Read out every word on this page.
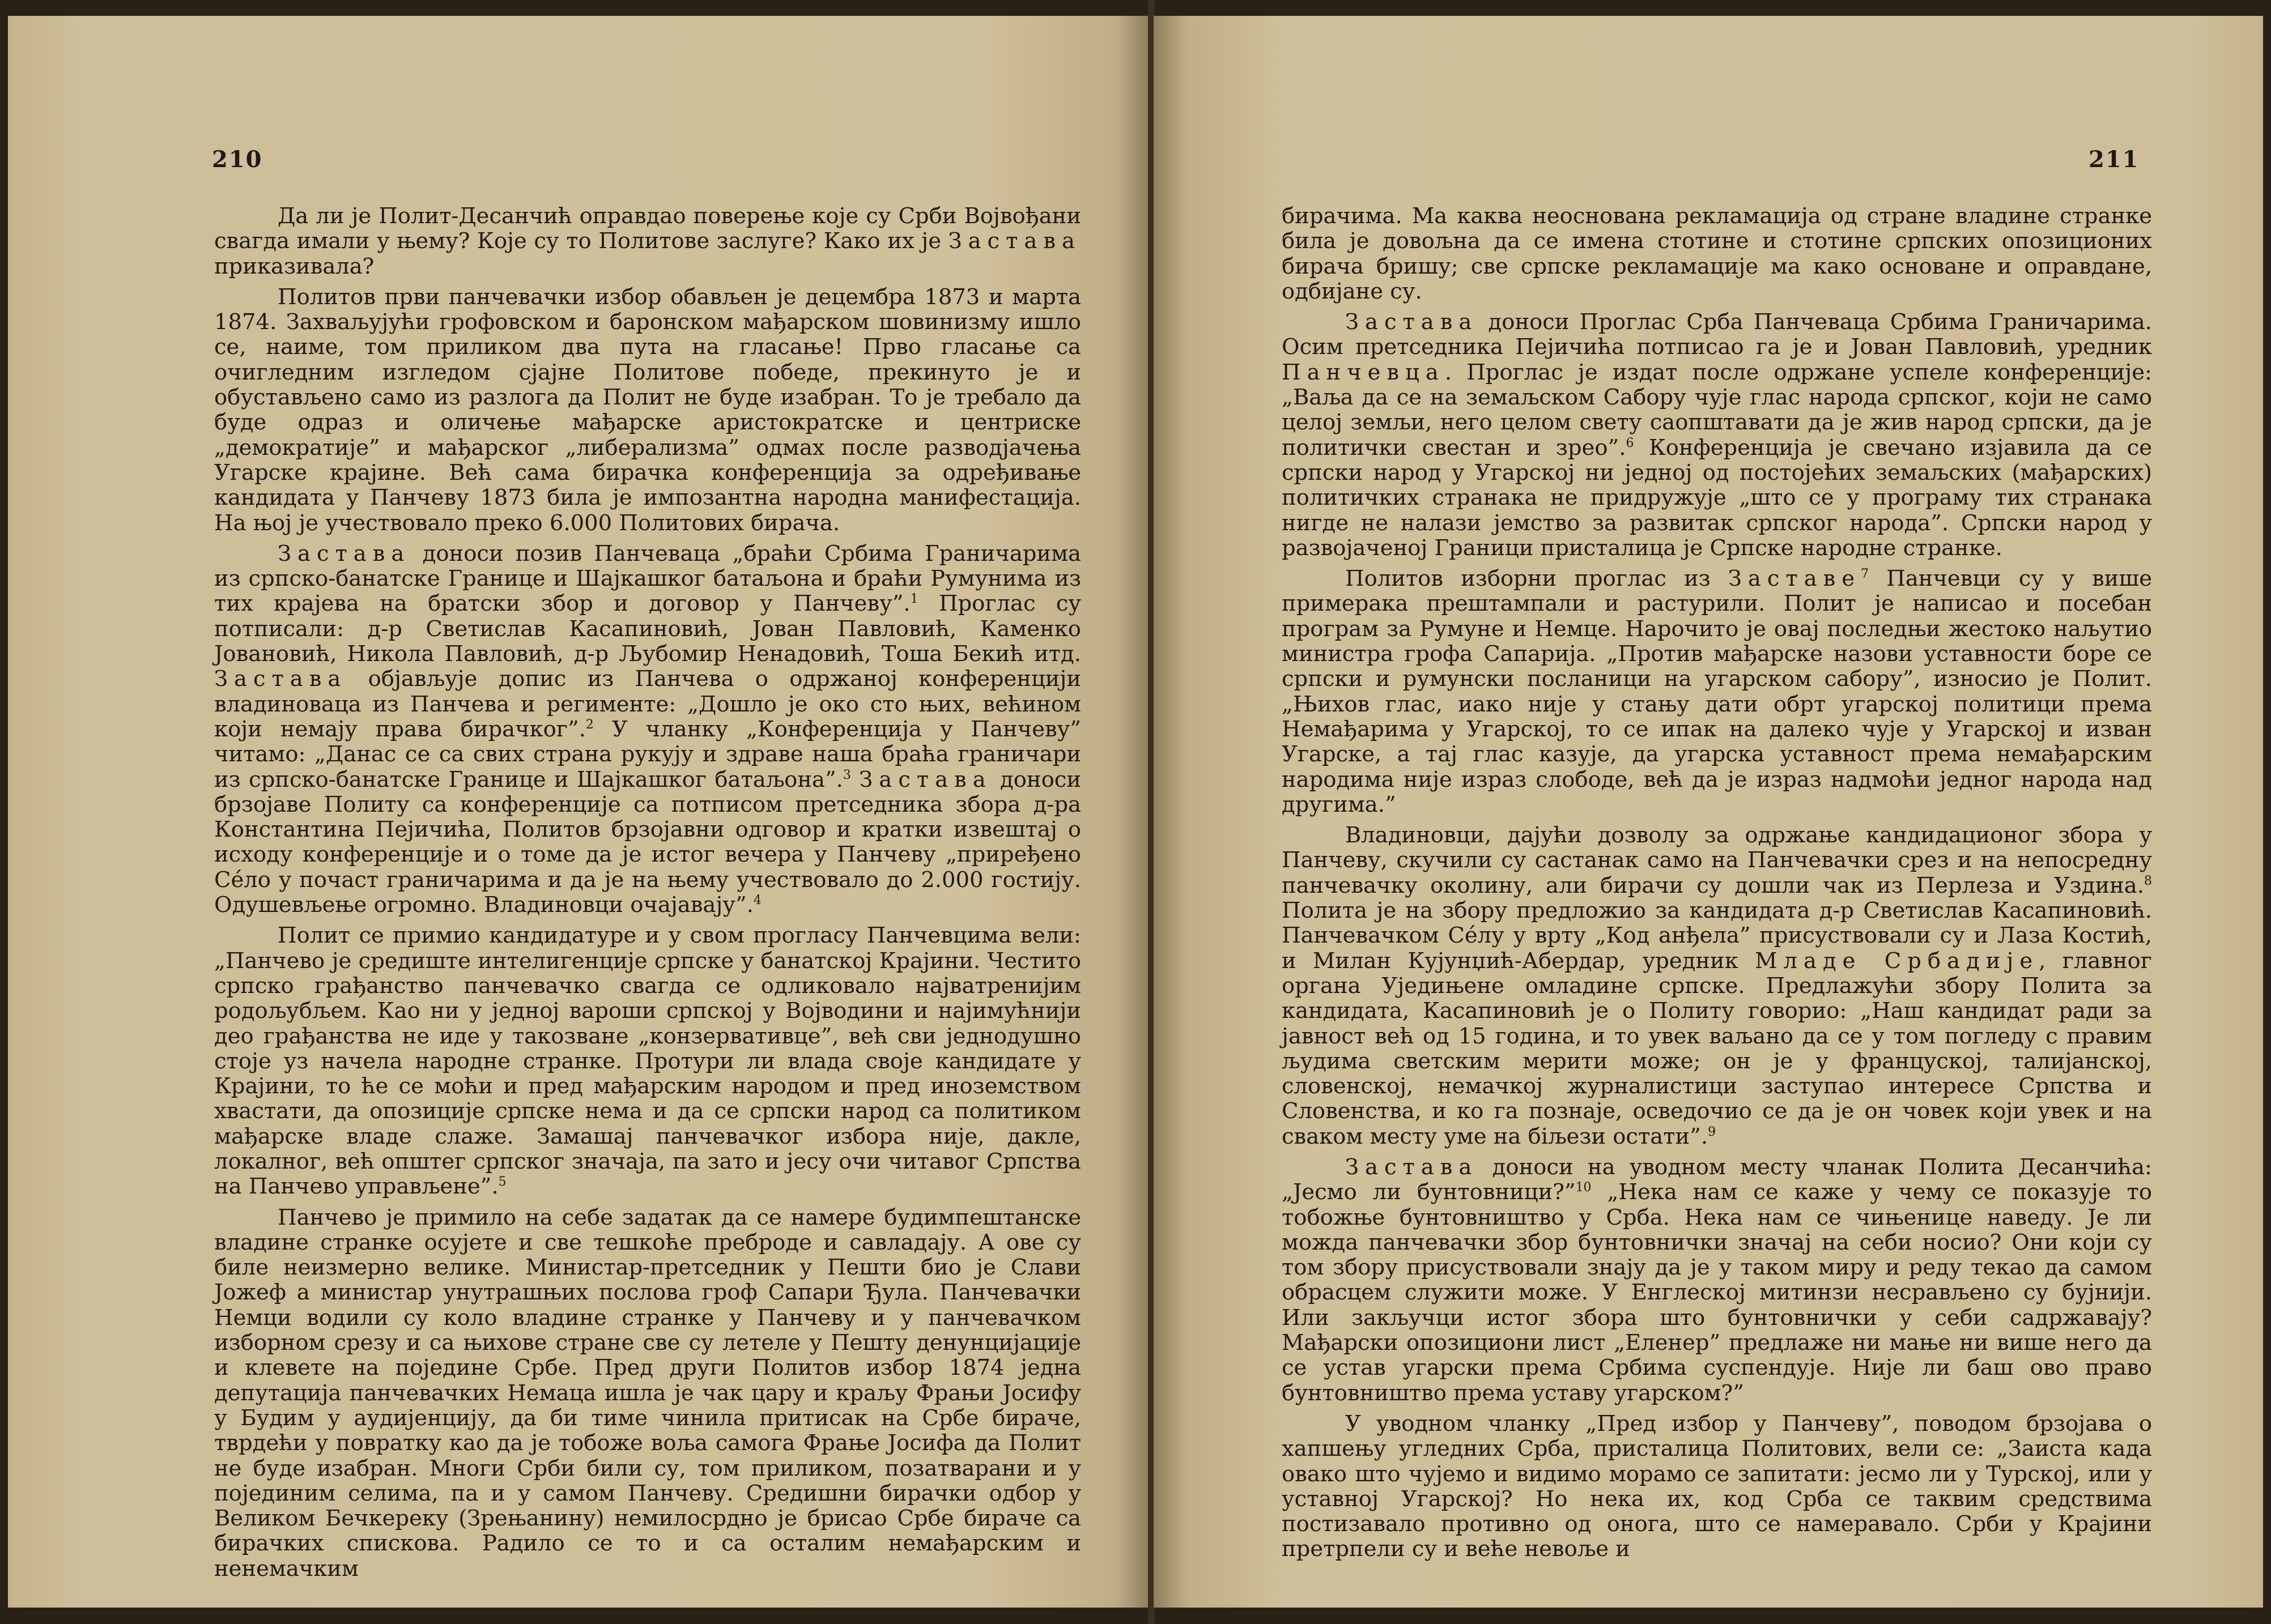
210

Да ли је Полит-Десанчић оправдао поверење које су Срби Војвођани свагда имали у њему? Које су то Политове заслуге? Како их је Застава приказивала?

Политов први панчевачки избор обављен је децембра 1873 и марта 1874. Захваљујући грофовском и баронском мађарском шовинизму ишло се, наиме, том приликом два пута на гласање! Прво гласање са очигледним изгледом сјајне Политове победе, прекинуто је и обустављено само из разлога да Полит не буде изабран. То је требало да буде одраз и оличење мађарске аристократске и центриске „демократије” и мађарског „либерализма” одмах после разводјачења Угарске крајине. Већ сама бирачка конференција за одређивање кандидата у Панчеву 1873 била је импозантна народна манифестација. На њој је учествовало преко 6.000 Политових бирача.

Застава доноси позив Панчеваца „браћи Србима Граничарима из српско-банатске Границе и Шајкашког батаљона и браћи Румунима из тих крајева на братски збор и договор у Панчеву”.$^1$ Проглас су потписали: д-р Светислав Касапиновић, Јован Павловић, Каменко Јовановић, Никола Павловић, д-р Љубомир Ненадовић, Тоша Бекић итд. Застава објављује допис из Панчева о одржаној конференцији владиноваца из Панчева и регименте: „Дошло је око сто њих, већином који немају права бирачког”.$^2$ У чланку „Конференција у Панчеву” читамо: „Данас се са свих страна рукују и здраве наша браћа граничари из српско-банатске Границе и Шајкашког батаљона”.$^3$ Застава доноси брзојаве Политу са конференције са потписом претседника збора д-ра Константина Пејичића, Политов брзојавни одговор и кратки извештај о исходу конференције и о томе да је истог вечера у Панчеву „приређено Сéло у почаст граничарима и да је на њему учествовало до 2.000 гостију. Одушевљење огромно. Владиновци очајавају”.$^4$

Полит се примио кандидатуре и у свом прогласу Панчевцима вели: „Панчево је средиште интелигенције српске у банатској Крајини. Честито српско грађанство панчевачко свагда се одликовало најватренијим родољубљем. Као ни у једној вароши српској у Војводини и најимућнији део грађанства не иде у такозване „конзервативце”, већ сви једнодушно стоје уз начела народне странке. Протури ли влада своје кандидате у Крајини, то ће се моћи и пред мађарским народом и пред иноземством хвастати, да опозиције српске нема и да се српски народ са политиком мађарске владе слаже. Замашај панчевачког избора није, дакле, локалног, већ општег српског значаја, па зато и јесу очи читавог Српства на Панчево управљене”.$^5$

Панчево је примило на себе задатак да се намере будимпештанске владине странке осујете и све тешкоће преброде и савладају. А ове су биле неизмерно велике. Министар-претседник у Пешти био је Слави Јожеф а министар унутрашњих послова гроф Сапари Ђула. Панчевачки Немци водили су коло владине странке у Панчеву и у панчевачком изборном срезу и са њихове стране све су летеле у Пешту денунцијације и клевете на поједине Србе. Пред други Политов избор 1874 једна депутација панчевачких Немаца ишла је чак цару и краљу Фрањи Јосифу у Будим у аудијенцију, да би тиме чинила притисак на Србе бираче, тврдећи у повратку као да је тобоже воља самога Фрање Јосифа да Полит не буде изабран. Многи Срби били су, том приликом, позатварани и у појединим селима, па и у самом Панчеву. Средишни бирачки одбор у Великом Бечкереку (Зрењанину) немилосрдно је брисао Србе бираче са бирачких спискова. Радило се то и са осталим немађарским и ненемачким

211

бирачима. Ма каква неоснована рекламација од стране владине странке била је довољна да се имена стотине и стотине српских опозиционих бирача бришу; све српске рекламације ма како основане и оправдане, одбијане су.

Застава доноси Проглас Срба Панчеваца Србима Граничарима. Осим претседника Пејичића потписао га је и Јован Павловић, уредник Панчевца. Проглас је издат после одржане успеле конференције: „Ваља да се на земаљском Сабору чује глас народа српског, који не само целој земљи, него целом свету саопштавати да је жив народ српски, да је политички свестан и зрео”.$^6$ Конференција је свечано изјавила да се српски народ у Угарској ни једној од постојећих земаљских (мађарских) политичких странака не придружује „што се у програму тих странака нигде не налази јемство за развитак српског народа”. Српски народ у развојаченој Граници присталица је Српске народне странке.

Политов изборни проглас из Заставе$^7$ Панчевци су у више примерака прештампали и растурили. Полит је написао и посебан програм за Румуне и Немце. Нарочито је овај последњи жестоко наљутио министра грофа Сапарија. „Против мађарске назови уставности боре се српски и румунски посланици на угарском сабору”, износио је Полит. „Њихов глас, иако није у стању дати обрт угарској политици према Немађарима у Угарској, то се ипак на далеко чује у Угарској и изван Угарске, а тај глас казује, да угарска уставност према немађарским народима није израз слободе, већ да је израз надмоћи једног народа над другима.”

Владиновци, дајући дозволу за одржање кандидационог збора у Панчеву, скучили су састанак само на Панчевачки срез и на непосредну панчевачку околину, али бирачи су дошли чак из Перлеза и Уздина.$^8$ Полита је на збору предложио за кандидата д-р Светислав Касапиновић. Панчевачком Сéлу у врту „Код анђела” присуствовали су и Лаза Костић, и Милан Кујунџић-Абердар, уредник Младе Србадије, главног органа Уједињене омладине српске. Предлажући збору Полита за кандидата, Касапиновић је о Политу говорио: „Наш кандидат ради за јавност већ од 15 година, и то увек ваљано да се у том погледу с правим људима светским мерити може; он је у француској, талијанској, словенској, немачкој журналистици заступао интересе Српства и Словенства, и ко га познаје, осведочио се да је он човек који увек и на сваком месту уме на бiљези остати”.$^9$

Застава доноси на уводном месту чланак Полита Десанчића: „Јесмо ли бунтовници?”$^{10}$ „Нека нам се каже у чему се показује то тобожње бунтовништво у Срба. Нека нам се чињенице наведу. Је ли можда панчевачки збор бунтовнички значај на себи носио? Они који су том збору присуствовали знају да је у таком миру и реду текао да самом обрасцем служити може. У Енглеској митинзи несрављено су бујнији. Или закључци истог збора што бунтовнички у себи садржавају? Мађарски опозициони лист „Еленер” предлаже ни мање ни више него да се устав угарски према Србима суспендује. Није ли баш ово право бунтовништво према уставу угарском?”

У уводном чланку „Пред избор у Панчеву”, поводом брзојава о хапшењу угледних Срба, присталица Политових, вели се: „Заиста када овако што чујемо и видимо морамо се запитати: јесмо ли у Турској, или у уставној Угарској? Но нека их, код Срба се таквим средствима постизавало противно од онога, што се намеравало. Срби у Крајини претрпели су и веће невоље и
